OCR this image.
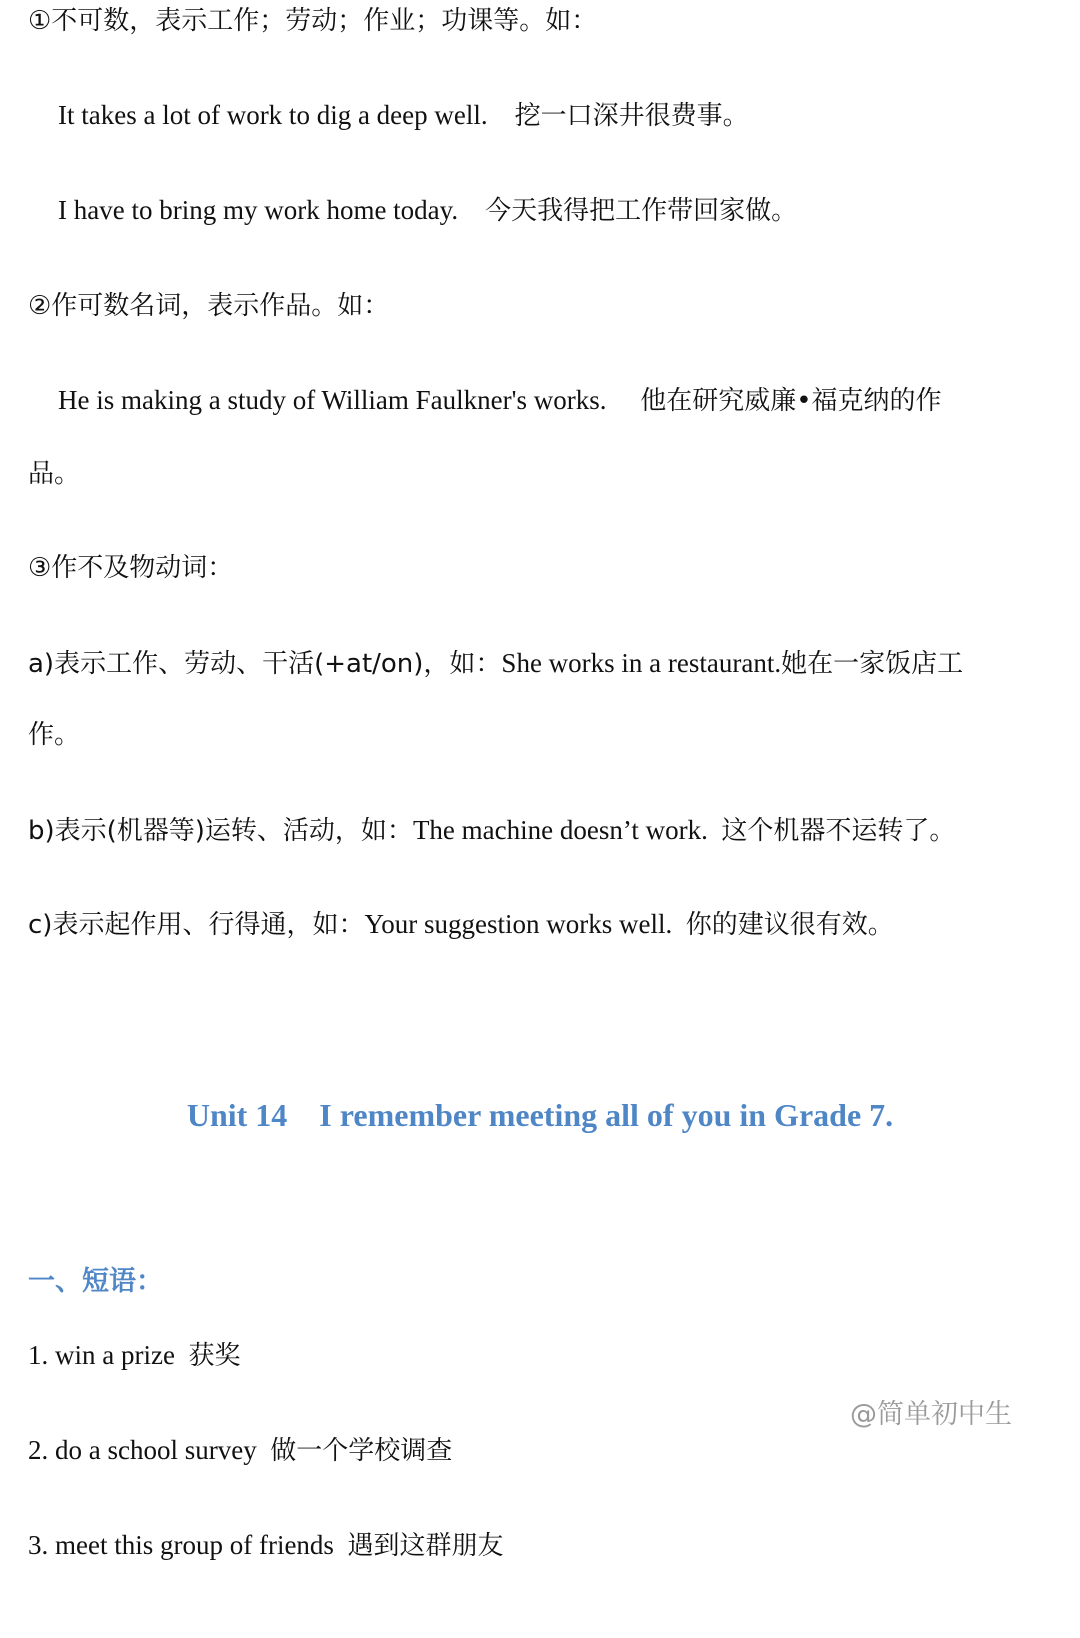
①不可数，表示工作；劳动；作业；功课等。如：
It takes a lot of work to dig a deep well. 挖一口深井很费事。
I have to bring my work home today. 今天我得把工作带回家做。
②作可数名词，表示作品。如：
He is making a study of William Faulkner's works. 他在研究威廉•福克纳的作
品。
③作不及物动词：
a)表示工作、劳动、干活(+at/on)，如：She works in a restaurant.她在一家饭店工
作。
b)表示(机器等)运转、活动，如：The machine doesn’t work. 这个机器不运转了。
c)表示起作用、行得通，如：Your suggestion works well. 你的建议很有效。
Unit 14 I remember meeting all of you in Grade 7.
一、短语：
1. win a prize 获奖
@简单初中生
2. do a school survey 做一个学校调查
3. meet this group of friends 遇到这群朋友
